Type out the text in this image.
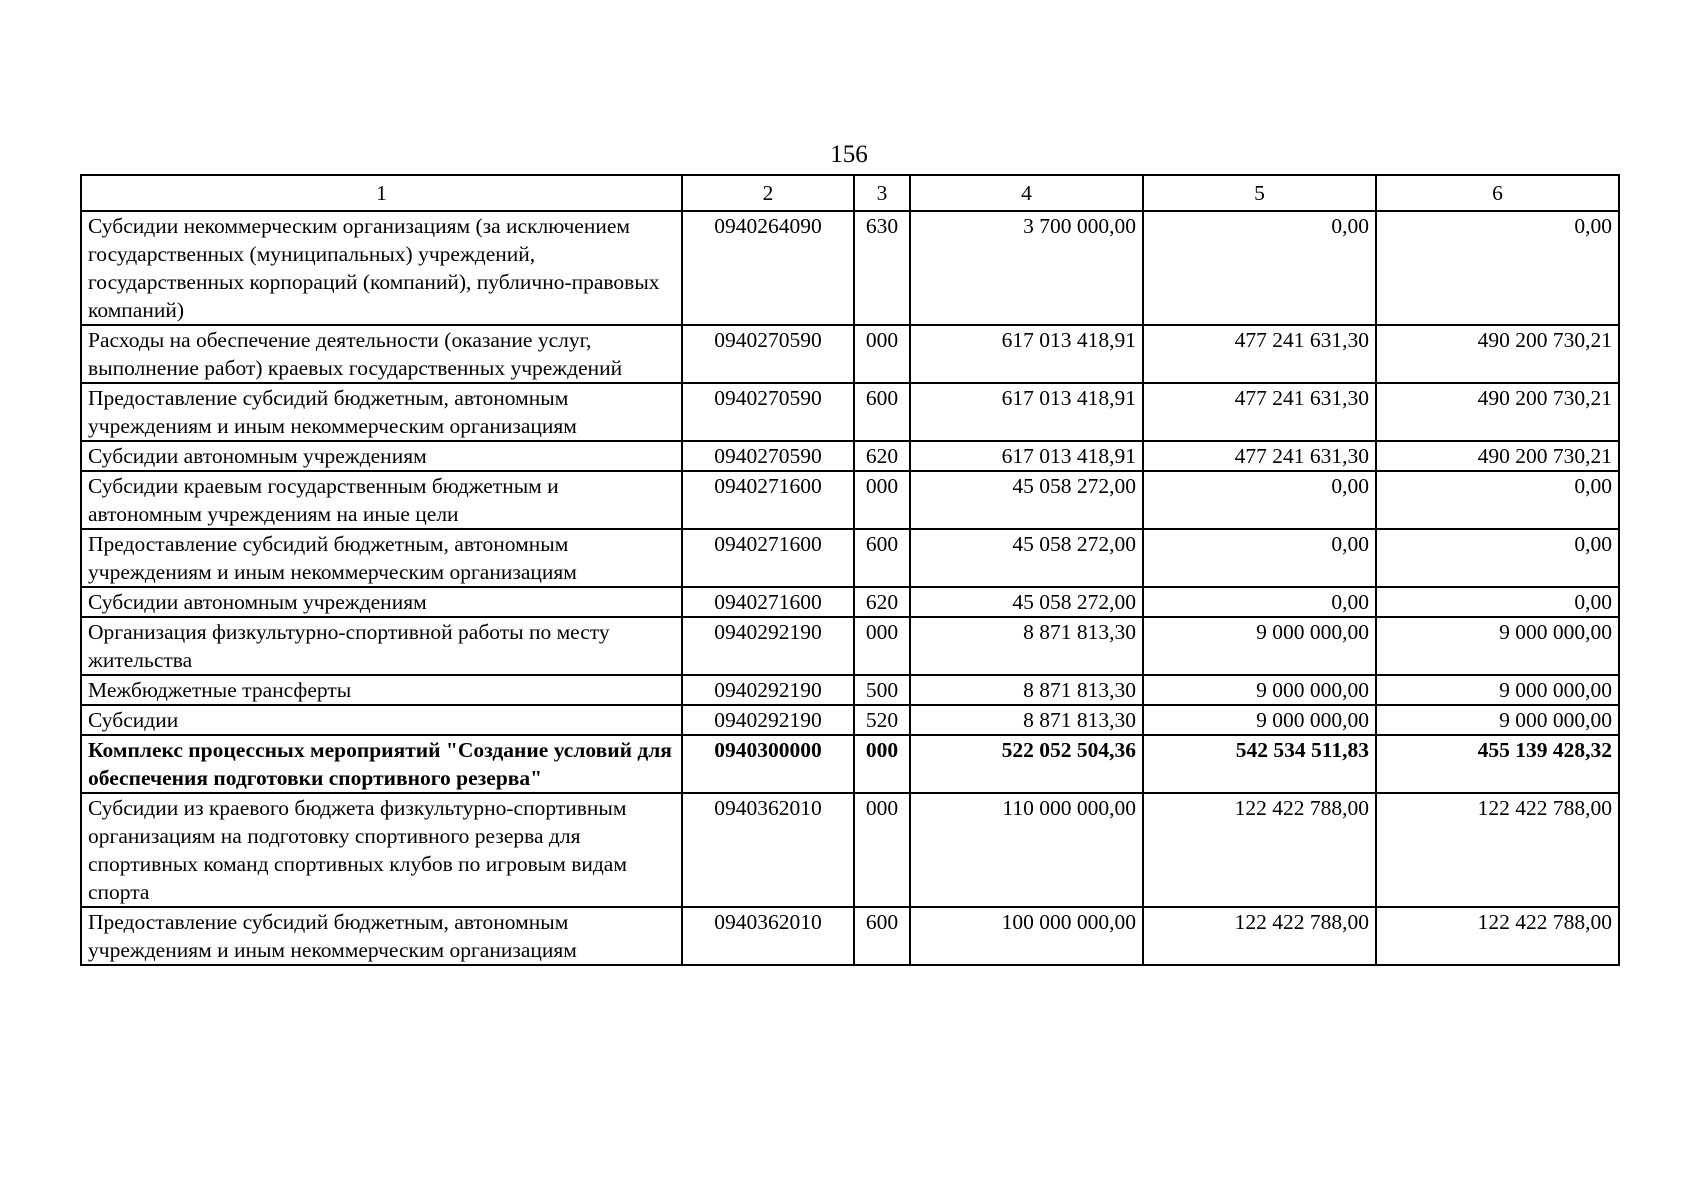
156
1	2	3	4	5	6
Субсидии некоммерческим организациям (за исключением государственных (муниципальных) учреждений, государственных корпораций (компаний), публично-правовых компаний)	0940264090	630	3 700 000,00	0,00	0,00
Расходы на обеспечение деятельности (оказание услуг, выполнение работ) краевых государственных учреждений	0940270590	000	617 013 418,91	477 241 631,30	490 200 730,21
Предоставление субсидий бюджетным, автономным учреждениям и иным некоммерческим организациям	0940270590	600	617 013 418,91	477 241 631,30	490 200 730,21
Субсидии автономным учреждениям	0940270590	620	617 013 418,91	477 241 631,30	490 200 730,21
Субсидии краевым государственным бюджетным и автономным учреждениям на иные цели	0940271600	000	45 058 272,00	0,00	0,00
Предоставление субсидий бюджетным, автономным учреждениям и иным некоммерческим организациям	0940271600	600	45 058 272,00	0,00	0,00
Субсидии автономным учреждениям	0940271600	620	45 058 272,00	0,00	0,00
Организация физкультурно-спортивной работы по месту жительства	0940292190	000	8 871 813,30	9 000 000,00	9 000 000,00
Межбюджетные трансферты	0940292190	500	8 871 813,30	9 000 000,00	9 000 000,00
Субсидии	0940292190	520	8 871 813,30	9 000 000,00	9 000 000,00
Комплекс процессных мероприятий "Создание условий для обеспечения подготовки спортивного резерва"	0940300000	000	522 052 504,36	542 534 511,83	455 139 428,32
Субсидии из краевого бюджета физкультурно-спортивным организациям на подготовку спортивного резерва для спортивных команд спортивных клубов по игровым видам спорта	0940362010	000	110 000 000,00	122 422 788,00	122 422 788,00
Предоставление субсидий бюджетным, автономным учреждениям и иным некоммерческим организациям	0940362010	600	100 000 000,00	122 422 788,00	122 422 788,00
